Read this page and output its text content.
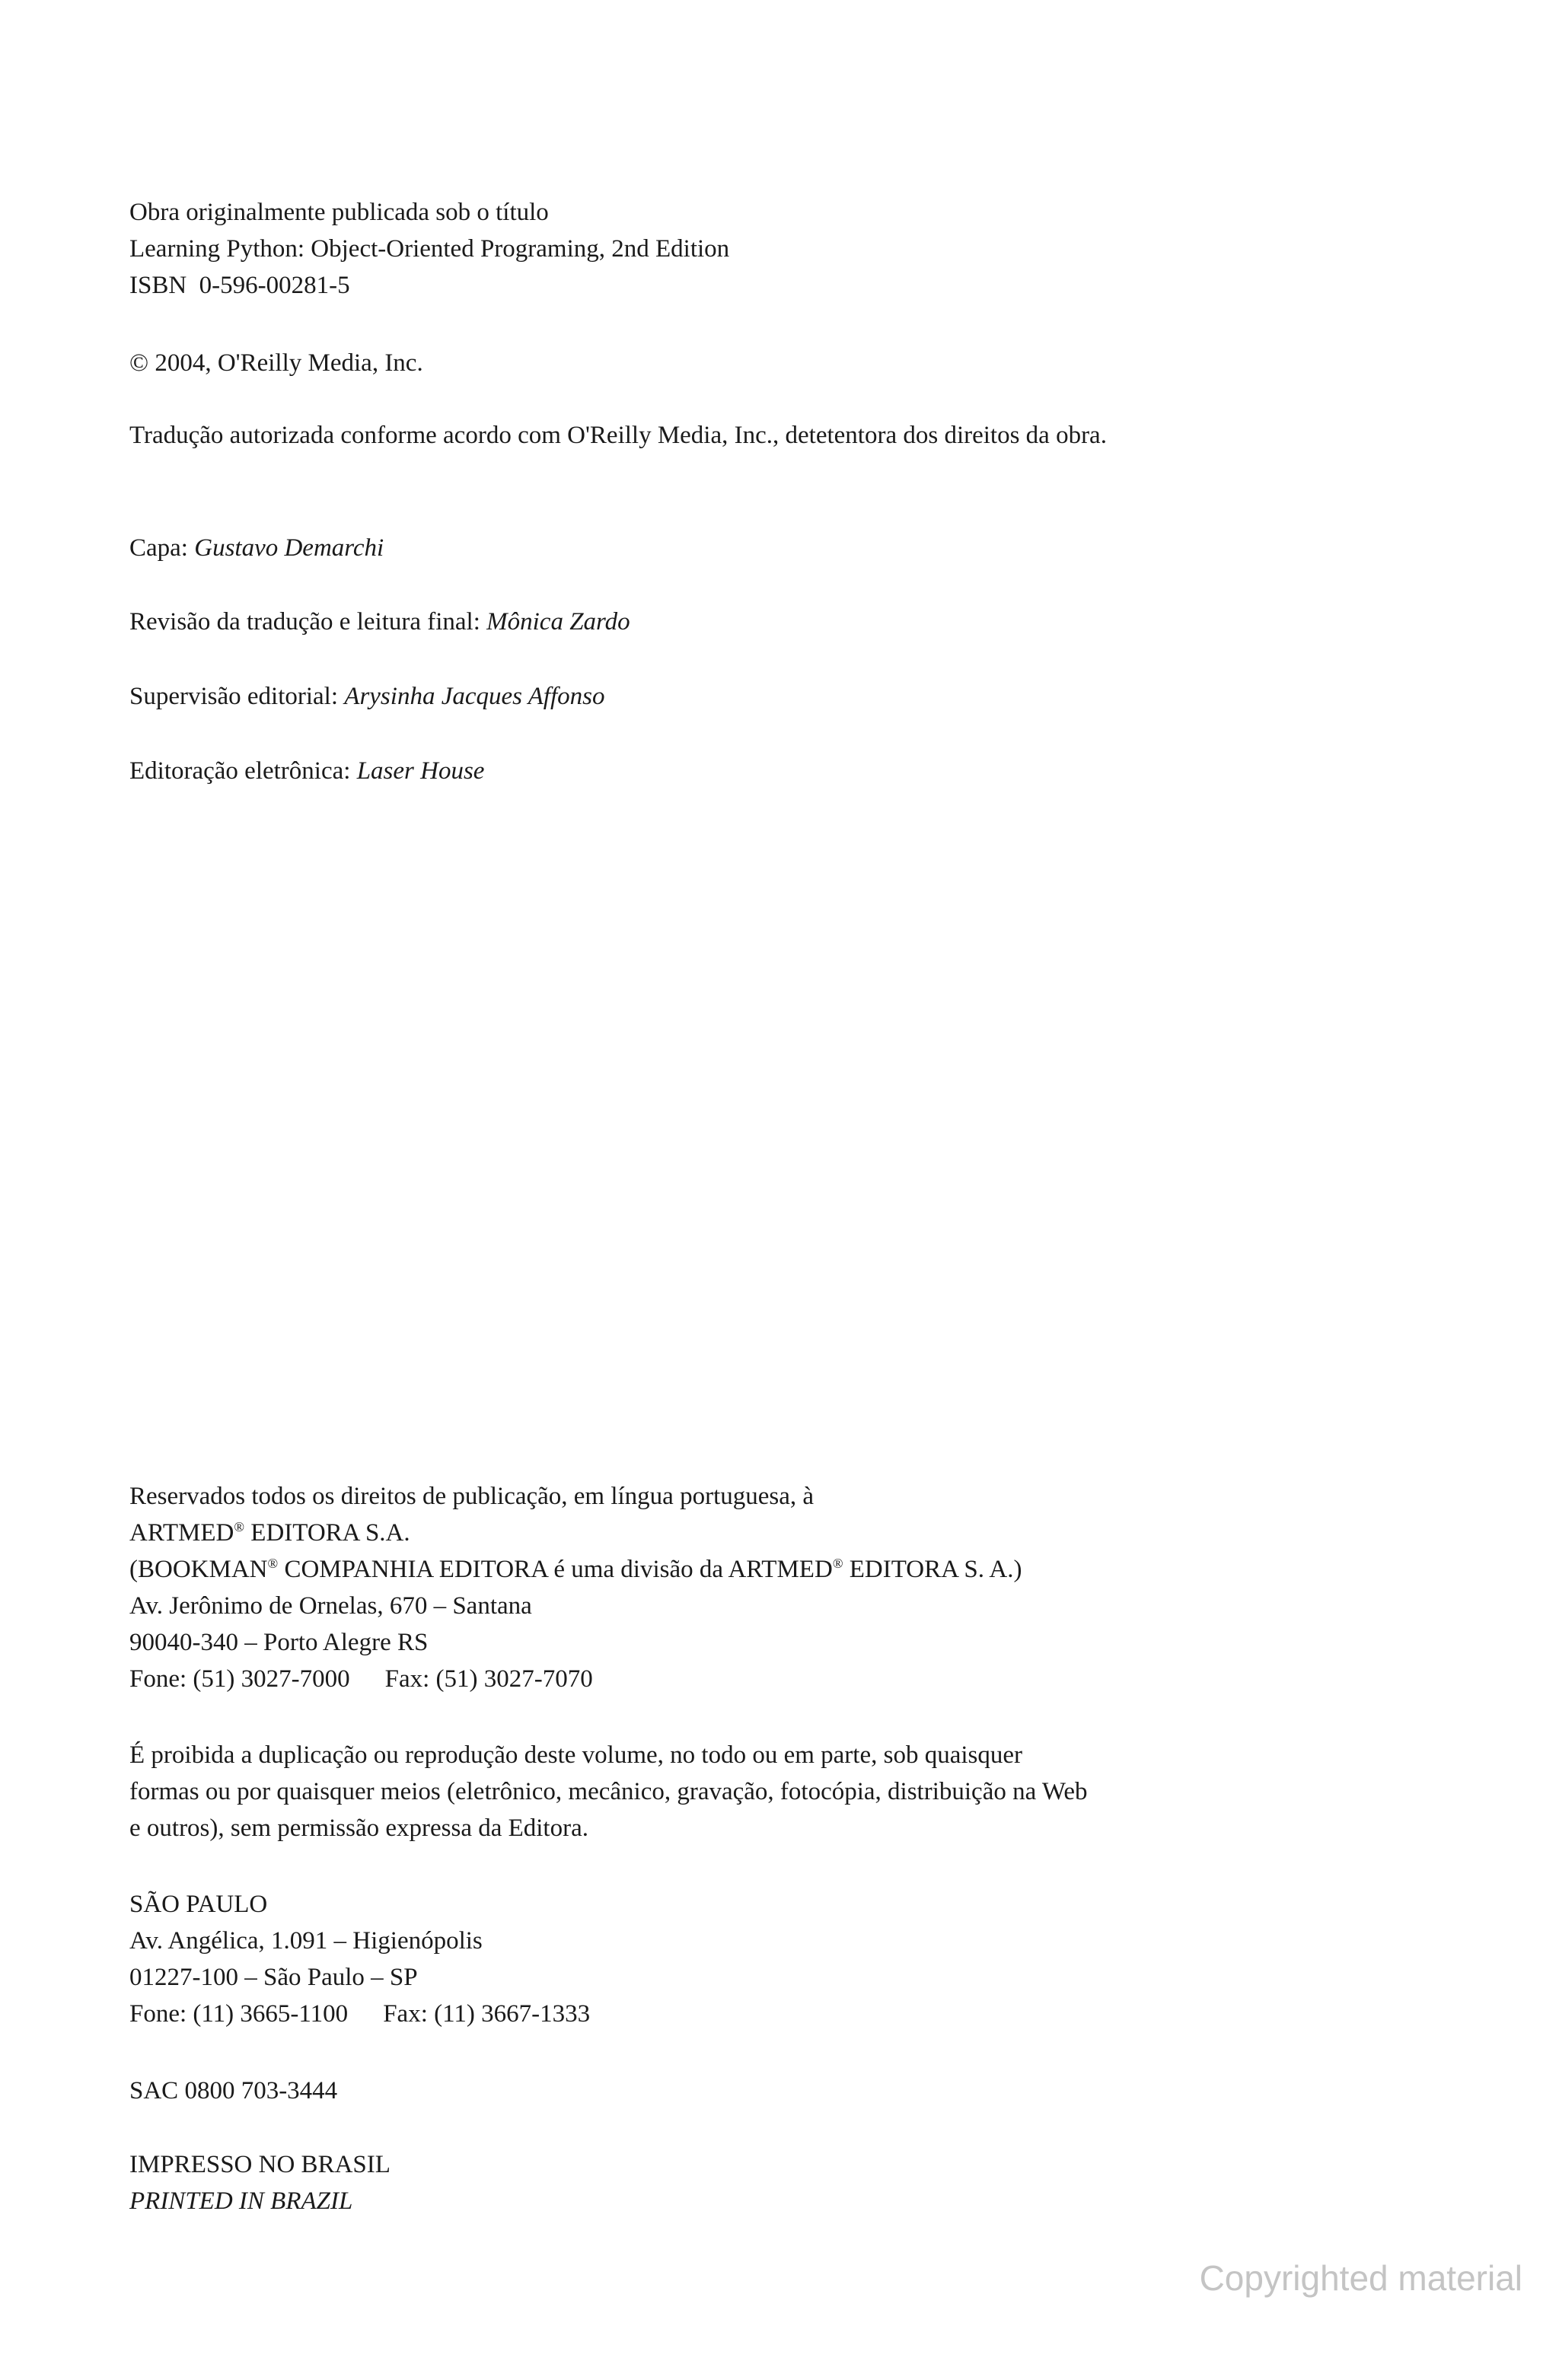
Obra originalmente publicada sob o título
Learning Python: Object-Oriented Programing, 2nd Edition
ISBN  0-596-00281-5
© 2004, O'Reilly Media, Inc.
Tradução autorizada conforme acordo com O'Reilly Media, Inc., detetentora dos direitos da obra.
Capa: Gustavo Demarchi
Revisão da tradução e leitura final: Mônica Zardo
Supervisão editorial: Arysinha Jacques Affonso
Editoração eletrônica: Laser House
Reservados todos os direitos de publicação, em língua portuguesa, à
ARTMED® EDITORA S.A.
(BOOKMAN® COMPANHIA EDITORA é uma divisão da ARTMED® EDITORA S. A.)
Av. Jerônimo de Ornelas, 670 – Santana
90040-340 – Porto Alegre RS
Fone: (51) 3027-7000 Fax: (51) 3027-7070
É proibida a duplicação ou reprodução deste volume, no todo ou em parte, sob quaisquer
formas ou por quaisquer meios (eletrônico, mecânico, gravação, fotocópia, distribuição na Web
e outros), sem permissão expressa da Editora.
SÃO PAULO
Av. Angélica, 1.091 – Higienópolis
01227-100 – São Paulo – SP
Fone: (11) 3665-1100 Fax: (11) 3667-1333
SAC 0800 703-3444
IMPRESSO NO BRASIL
PRINTED IN BRAZIL
Copyrighted material
